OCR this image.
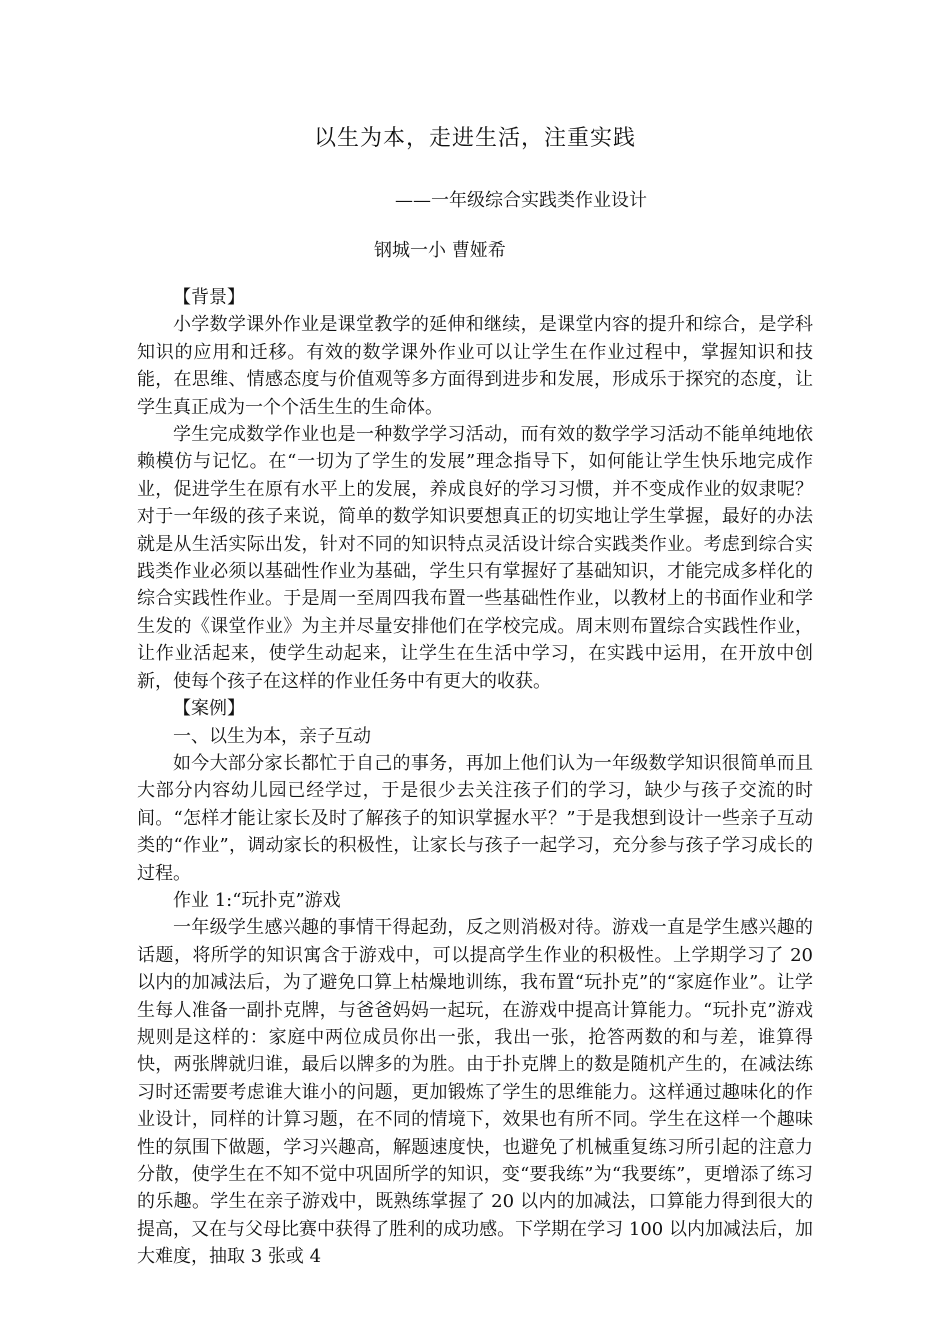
以生为本，走进生活，注重实践
——一年级综合实践类作业设计
钢城一小 曹娅希

【背景】

小学数学课外作业是课堂教学的延伸和继续，是课堂内容的提升和综合，是学科知识的应用和迁移。有效的数学课外作业可以让学生在作业过程中，掌握知识和技能，在思维、情感态度与价值观等多方面得到进步和发展，形成乐于探究的态度，让学生真正成为一个个活生生的生命体。

学生完成数学作业也是一种数学学习活动，而有效的数学学习活动不能单纯地依赖模仿与记忆。在“一切为了学生的发展”理念指导下，如何能让学生快乐地完成作业，促进学生在原有水平上的发展，养成良好的学习习惯，并不变成作业的奴隶呢？对于一年级的孩子来说，简单的数学知识要想真正的切实地让学生掌握，最好的办法就是从生活实际出发，针对不同的知识特点灵活设计综合实践类作业。考虑到综合实践类作业必须以基础性作业为基础，学生只有掌握好了基础知识，才能完成多样化的综合实践性作业。于是周一至周四我布置一些基础性作业，以教材上的书面作业和学生发的《课堂作业》为主并尽量安排他们在学校完成。周末则布置综合实践性作业，让作业活起来，使学生动起来，让学生在生活中学习，在实践中运用，在开放中创新，使每个孩子在这样的作业任务中有更大的收获。

【案例】

一、以生为本，亲子互动

如今大部分家长都忙于自己的事务，再加上他们认为一年级数学知识很简单而且大部分内容幼儿园已经学过，于是很少去关注孩子们的学习，缺少与孩子交流的时间。“怎样才能让家长及时了解孩子的知识掌握水平？”于是我想到设计一些亲子互动类的“作业”，调动家长的积极性，让家长与孩子一起学习，充分参与孩子学习成长的过程。

作业 1:“玩扑克”游戏

一年级学生感兴趣的事情干得起劲，反之则消极对待。游戏一直是学生感兴趣的话题，将所学的知识寓含于游戏中，可以提高学生作业的积极性。上学期学习了 20 以内的加减法后，为了避免口算上枯燥地训练，我布置“玩扑克”的“家庭作业”。让学生每人准备一副扑克牌，与爸爸妈妈一起玩，在游戏中提高计算能力。“玩扑克”游戏规则是这样的：家庭中两位成员你出一张，我出一张，抢答两数的和与差，谁算得快，两张牌就归谁，最后以牌多的为胜。由于扑克牌上的数是随机产生的，在减法练习时还需要考虑谁大谁小的问题，更加锻炼了学生的思维能力。这样通过趣味化的作业设计，同样的计算习题，在不同的情境下，效果也有所不同。学生在这样一个趣味性的氛围下做题，学习兴趣高，解题速度快，也避免了机械重复练习所引起的注意力分散，使学生在不知不觉中巩固所学的知识，变“要我练”为“我要练”，更增添了练习的乐趣。学生在亲子游戏中，既熟练掌握了 20 以内的加减法，口算能力得到很大的提高，又在与父母比赛中获得了胜利的成功感。下学期在学习 100 以内加减法后，加大难度，抽取 3 张或 4
